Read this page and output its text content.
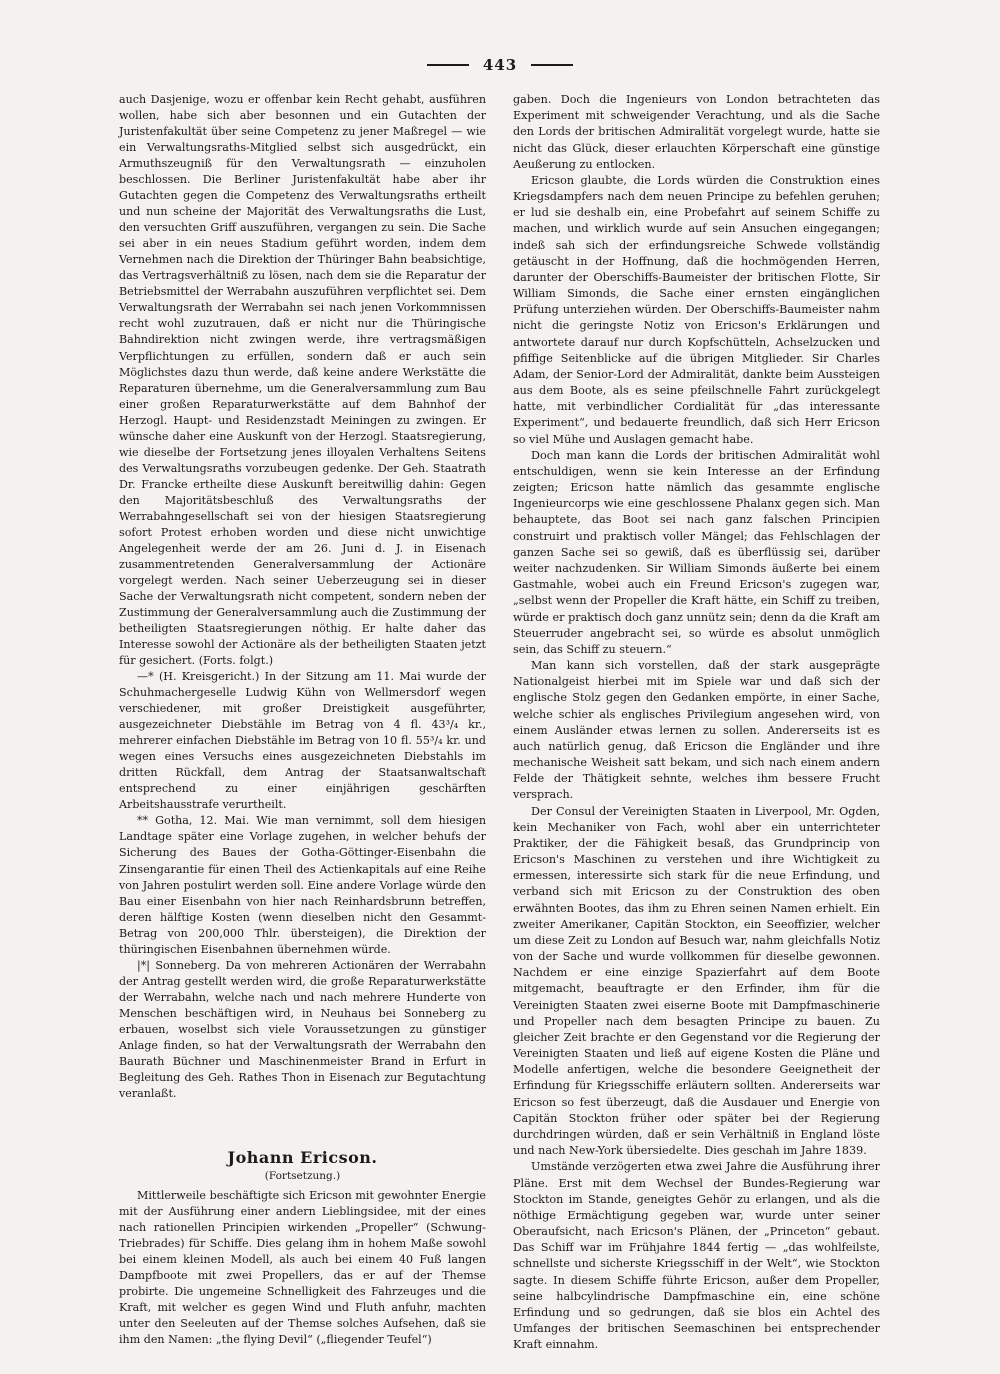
443

auch Dasjenige, wozu er offenbar kein Recht gehabt, ausführen wollen, habe sich aber besonnen und ein Gutachten der Juristenfakultät über seine Competenz zu jener Maßregel — wie ein Verwaltungsraths-Mitglied selbst sich ausgedrückt, ein Armuthszeugniß für den Verwaltungsrath — einzuholen beschlossen. Die Berliner Juristenfakultät habe aber ihr Gutachten gegen die Competenz des Verwaltungsraths ertheilt und nun scheine der Majorität des Verwaltungsraths die Lust, den versuchten Griff auszuführen, vergangen zu sein. Die Sache sei aber in ein neues Stadium geführt worden, indem dem Vernehmen nach die Direktion der Thüringer Bahn beabsichtige, das Vertragsverhältniß zu lösen, nach dem sie die Reparatur der Betriebsmittel der Werrabahn auszuführen verpflichtet sei. Dem Verwaltungsrath der Werrabahn sei nach jenen Vorkommnissen recht wohl zuzutrauen, daß er nicht nur die Thüringische Bahndirektion nicht zwingen werde, ihre vertragsmäßigen Verpflichtungen zu erfüllen, sondern daß er auch sein Möglichstes dazu thun werde, daß keine andere Werkstätte die Reparaturen übernehme, um die Generalversammlung zum Bau einer großen Reparaturwerkstätte auf dem Bahnhof der Herzogl. Haupt- und Residenzstadt Meiningen zu zwingen. Er wünsche daher eine Auskunft von der Herzogl. Staatsregierung, wie dieselbe der Fortsetzung jenes illoyalen Verhaltens Seitens des Verwaltungsraths vorzubeugen gedenke. Der Geh. Staatrath Dr. Francke ertheilte diese Auskunft bereitwillig dahin: Gegen den Majoritätsbeschluß des Verwaltungsraths der Werrabahngesellschaft sei von der hiesigen Staatsregierung sofort Protest erhoben worden und diese nicht unwichtige Angelegenheit werde der am 26. Juni d. J. in Eisenach zusammentretenden Generalversammlung der Actionäre vorgelegt werden. Nach seiner Ueberzeugung sei in dieser Sache der Verwaltungsrath nicht competent, sondern neben der Zustimmung der Generalversammlung auch die Zustimmung der betheiligten Staatsregierungen nöthig. Er halte daher das Interesse sowohl der Actionäre als der betheiligten Staaten jetzt für gesichert. (Forts. folgt.)

—* (H. Kreisgericht.) In der Sitzung am 11. Mai wurde der Schuhmachergeselle Ludwig Kühn von Wellmersdorf wegen verschiedener, mit großer Dreistigkeit ausgeführter, ausgezeichneter Diebstähle im Betrag von 4 fl. 43³/₄ kr., mehrerer einfachen Diebstähle im Betrag von 10 fl. 55³/₄ kr. und wegen eines Versuchs eines ausgezeichneten Diebstahls im dritten Rückfall, dem Antrag der Staatsanwaltschaft entsprechend zu einer einjährigen geschärften Arbeitshausstrafe verurtheilt.

** Gotha, 12. Mai. Wie man vernimmt, soll dem hiesigen Landtage später eine Vorlage zugehen, in welcher behufs der Sicherung des Baues der Gotha-Göttinger-Eisenbahn die Zinsengarantie für einen Theil des Actienkapitals auf eine Reihe von Jahren postulirt werden soll. Eine andere Vorlage würde den Bau einer Eisenbahn von hier nach Reinhardsbrunn betreffen, deren hälftige Kosten (wenn dieselben nicht den Gesammt-Betrag von 200,000 Thlr. übersteigen), die Direktion der thüringischen Eisenbahnen übernehmen würde.

|*| Sonneberg. Da von mehreren Actionären der Werrabahn der Antrag gestellt werden wird, die große Reparaturwerkstätte der Werrabahn, welche nach und nach mehrere Hunderte von Menschen beschäftigen wird, in Neuhaus bei Sonneberg zu erbauen, woselbst sich viele Voraussetzungen zu günstiger Anlage finden, so hat der Verwaltungsrath der Werrabahn den Baurath Büchner und Maschinenmeister Brand in Erfurt in Begleitung des Geh. Rathes Thon in Eisenach zur Begutachtung veranlaßt.

Johann Ericson.
(Fortsetzung.)

Mittlerweile beschäftigte sich Ericson mit gewohnter Energie mit der Ausführung einer andern Lieblingsidee, mit der eines nach rationellen Principien wirkenden „Propeller“ (Schwung-Triebrades) für Schiffe. Dies gelang ihm in hohem Maße sowohl bei einem kleinen Modell, als auch bei einem 40 Fuß langen Dampfboote mit zwei Propellers, das er auf der Themse probirte. Die ungemeine Schnelligkeit des Fahrzeuges und die Kraft, mit welcher es gegen Wind und Fluth anfuhr, machten unter den Seeleuten auf der Themse solches Aufsehen, daß sie ihm den Namen: „the flying Devil“ („fliegender Teufel“)

gaben. Doch die Ingenieurs von London betrachteten das Experiment mit schweigender Verachtung, und als die Sache den Lords der britischen Admiralität vorgelegt wurde, hatte sie nicht das Glück, dieser erlauchten Körperschaft eine günstige Aeußerung zu entlocken.

Ericson glaubte, die Lords würden die Construktion eines Kriegsdampfers nach dem neuen Principe zu befehlen geruhen; er lud sie deshalb ein, eine Probefahrt auf seinem Schiffe zu machen, und wirklich wurde auf sein Ansuchen eingegangen; indeß sah sich der erfindungsreiche Schwede vollständig getäuscht in der Hoffnung, daß die hochmögenden Herren, darunter der Oberschiffs-Baumeister der britischen Flotte, Sir William Simonds, die Sache einer ernsten eingänglichen Prüfung unterziehen würden. Der Oberschiffs-Baumeister nahm nicht die geringste Notiz von Ericson's Erklärungen und antwortete darauf nur durch Kopfschütteln, Achselzucken und pfiffige Seitenblicke auf die übrigen Mitglieder. Sir Charles Adam, der Senior-Lord der Admiralität, dankte beim Aussteigen aus dem Boote, als es seine pfeilschnelle Fahrt zurückgelegt hatte, mit verbindlicher Cordialität für „das interessante Experiment“, und bedauerte freundlich, daß sich Herr Ericson so viel Mühe und Auslagen gemacht habe.

Doch man kann die Lords der britischen Admiralität wohl entschuldigen, wenn sie kein Interesse an der Erfindung zeigten; Ericson hatte nämlich das gesammte englische Ingenieurcorps wie eine geschlossene Phalanx gegen sich. Man behauptete, das Boot sei nach ganz falschen Principien construirt und praktisch voller Mängel; das Fehlschlagen der ganzen Sache sei so gewiß, daß es überflüssig sei, darüber weiter nachzudenken. Sir William Simonds äußerte bei einem Gastmahle, wobei auch ein Freund Ericson's zugegen war, „selbst wenn der Propeller die Kraft hätte, ein Schiff zu treiben, würde er praktisch doch ganz unnütz sein; denn da die Kraft am Steuerruder angebracht sei, so würde es absolut unmöglich sein, das Schiff zu steuern.“

Man kann sich vorstellen, daß der stark ausgeprägte Nationalgeist hierbei mit im Spiele war und daß sich der englische Stolz gegen den Gedanken empörte, in einer Sache, welche schier als englisches Privilegium angesehen wird, von einem Ausländer etwas lernen zu sollen. Andererseits ist es auch natürlich genug, daß Ericson die Engländer und ihre mechanische Weisheit satt bekam, und sich nach einem andern Felde der Thätigkeit sehnte, welches ihm bessere Frucht versprach.

Der Consul der Vereinigten Staaten in Liverpool, Mr. Ogden, kein Mechaniker von Fach, wohl aber ein unterrichteter Praktiker, der die Fähigkeit besaß, das Grundprincip von Ericson's Maschinen zu verstehen und ihre Wichtigkeit zu ermessen, interessirte sich stark für die neue Erfindung, und verband sich mit Ericson zu der Construktion des oben erwähnten Bootes, das ihm zu Ehren seinen Namen erhielt. Ein zweiter Amerikaner, Capitän Stockton, ein Seeoffizier, welcher um diese Zeit zu London auf Besuch war, nahm gleichfalls Notiz von der Sache und wurde vollkommen für dieselbe gewonnen. Nachdem er eine einzige Spazierfahrt auf dem Boote mitgemacht, beauftragte er den Erfinder, ihm für die Vereinigten Staaten zwei eiserne Boote mit Dampfmaschinerie und Propeller nach dem besagten Principe zu bauen. Zu gleicher Zeit brachte er den Gegenstand vor die Regierung der Vereinigten Staaten und ließ auf eigene Kosten die Pläne und Modelle anfertigen, welche die besondere Geeignetheit der Erfindung für Kriegsschiffe erläutern sollten. Andererseits war Ericson so fest überzeugt, daß die Ausdauer und Energie von Capitän Stockton früher oder später bei der Regierung durchdringen würden, daß er sein Verhältniß in England löste und nach New-York übersiedelte. Dies geschah im Jahre 1839.

Umstände verzögerten etwa zwei Jahre die Ausführung ihrer Pläne. Erst mit dem Wechsel der Bundes-Regierung war Stockton im Stande, geneigtes Gehör zu erlangen, und als die nöthige Ermächtigung gegeben war, wurde unter seiner Oberaufsicht, nach Ericson's Plänen, der „Princeton“ gebaut. Das Schiff war im Frühjahre 1844 fertig — „das wohlfeilste, schnellste und sicherste Kriegsschiff in der Welt“, wie Stockton sagte. In diesem Schiffe führte Ericson, außer dem Propeller, seine halbcylindrische Dampfmaschine ein, eine schöne Erfindung und so gedrungen, daß sie blos ein Achtel des Umfanges der britischen Seemaschinen bei entsprechender Kraft einnahm.
